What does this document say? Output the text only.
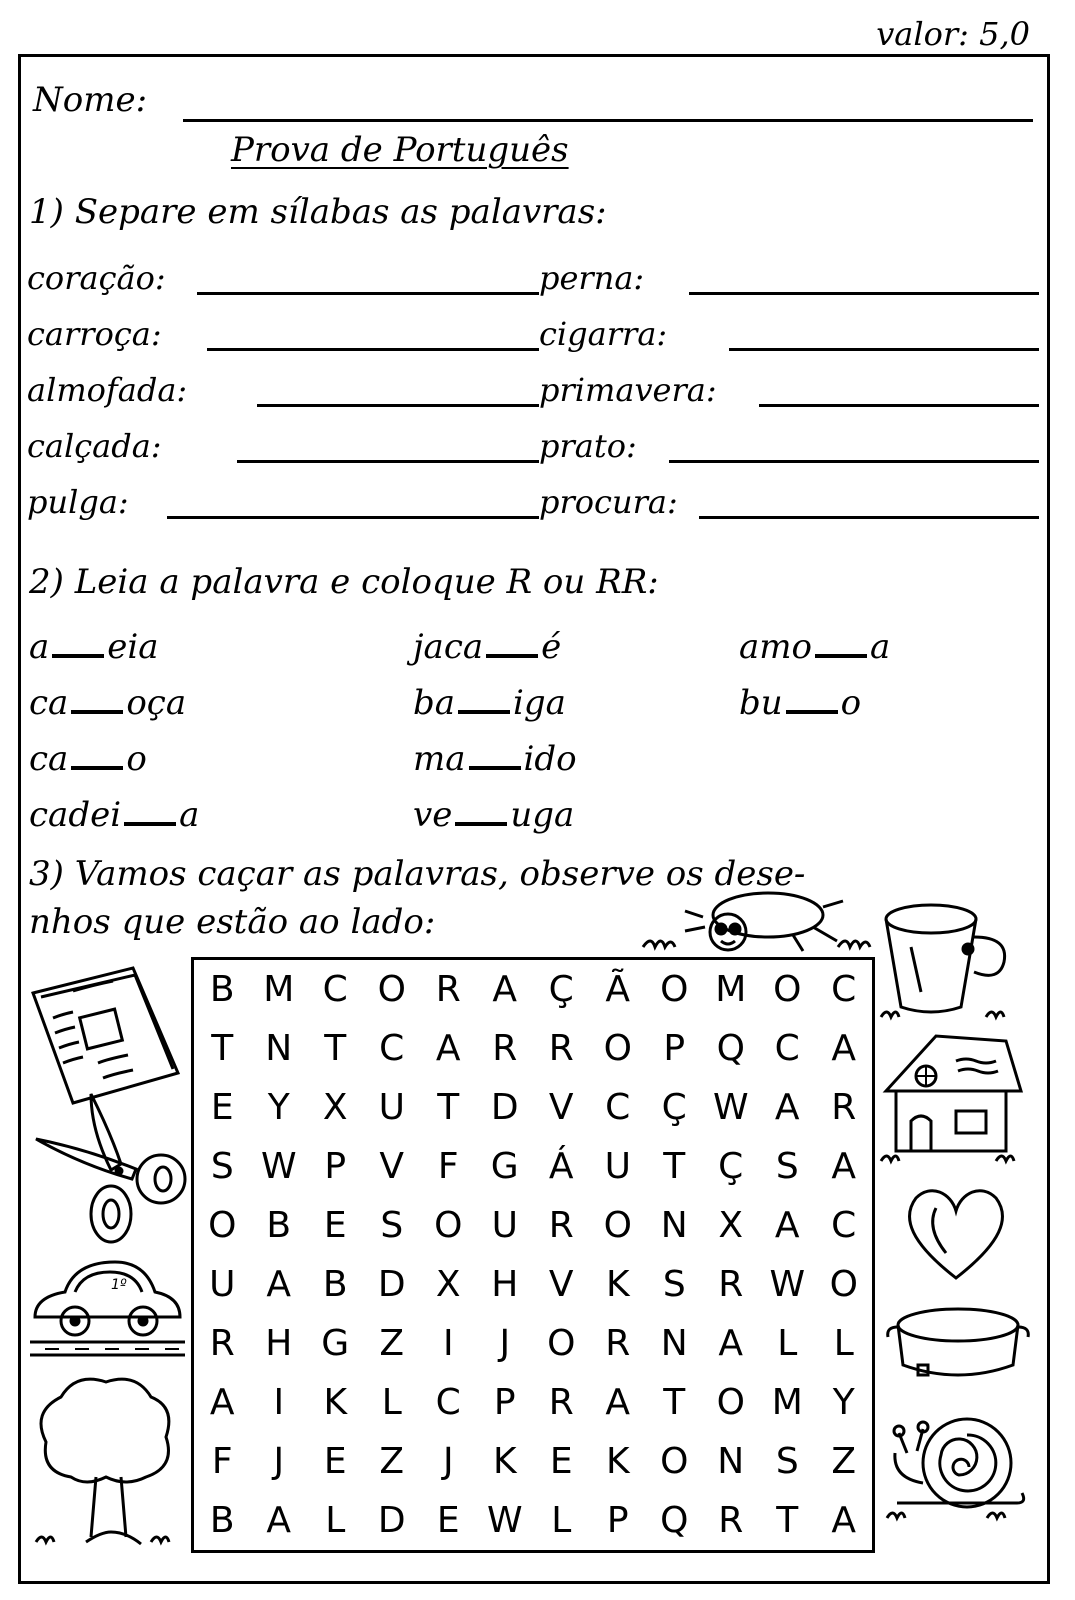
valor: 5,0
Nome:
Prova de Português
1) Separe em sílabas as palavras:
coração:
carroça:
almofada:
calçada:
pulga:
perna:
cigarra:
primavera:
prato:
procura:
2) Leia a palavra e coloque R ou RR:
a eia
ca oça
ca o
cadei a
jaca é
ba iga
ma ido
ve uga
amo a
bu o
3) Vamos caçar as palavras, observe os dese-
nhos que estão ao lado:
B	M	C	O	R	A	Ç	Ã	O	M	O	C
T	N	T	C	A	R	R	O	P	Q	C	A
E	Y	X	U	T	D	V	C	Ç	W	A	R
S	W	P	V	F	G	Á	U	T	Ç	S	A
O	B	E	S	O	U	R	O	N	X	A	C
U	A	B	D	X	H	V	K	S	R	W	O
R	H	G	Z	I	J	O	R	N	A	L	L
A	I	K	L	C	P	R	A	T	O	M	Y
F	J	E	Z	J	K	E	K	O	N	S	Z
B	A	L	D	E	W	L	P	Q	R	T	A
1º
